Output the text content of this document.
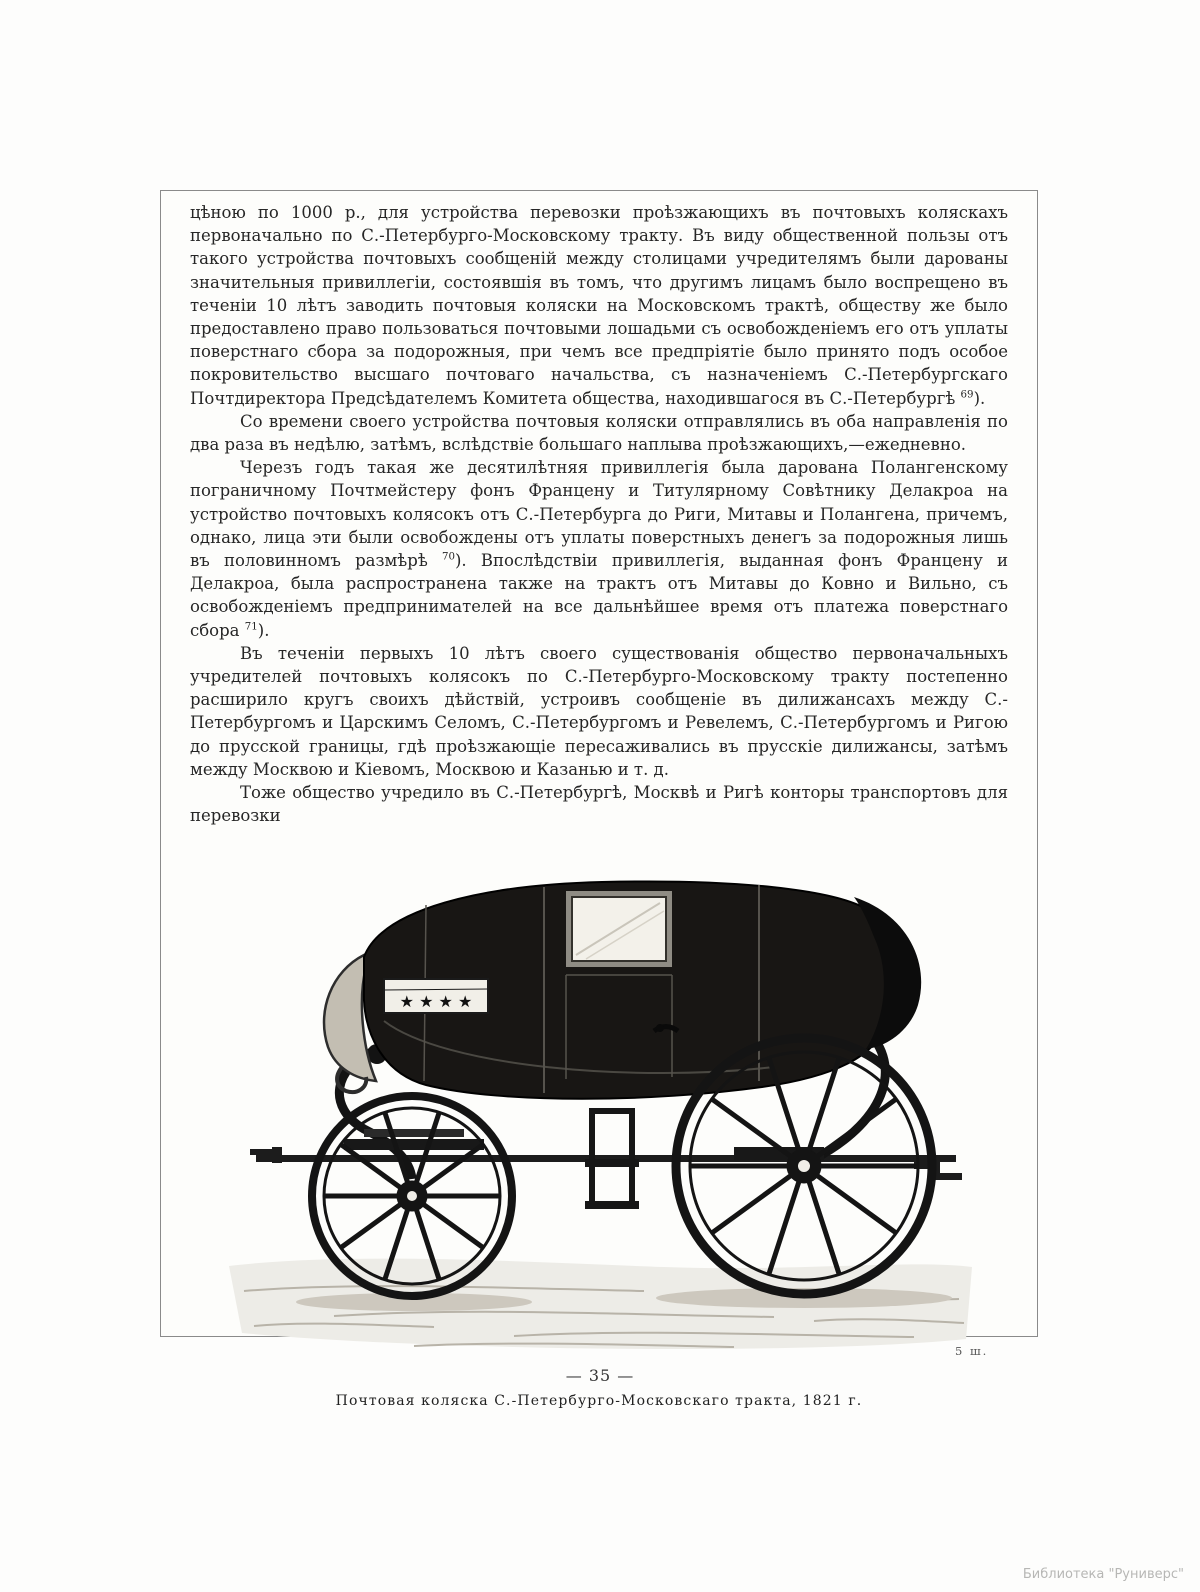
цѣною по 1000 р., для устройства перевозки проѣзжающихъ въ почтовыхъ коляскахъ первоначально по С.-Петербурго-Московскому тракту. Въ виду общественной пользы отъ такого устройства почтовыхъ сообщеній между столицами учредителямъ были дарованы значительныя привиллегіи, состоявшія въ томъ, что другимъ лицамъ было воспрещено въ теченіи 10 лѣтъ заводить почтовыя коляски на Московскомъ трактѣ, обществу же было предоставлено право пользоваться почтовыми лошадьми съ освобожденіемъ его отъ уплаты поверстнаго сбора за подорожныя, при чемъ все предпріятіе было принято подъ особое покровительство высшаго почтоваго начальства, съ назначеніемъ С.-Петербургскаго Почтдиректора Предсѣдателемъ Комитета общества, находившагося въ С.-Петербургѣ $^{69}$).

Со времени своего устройства почтовыя коляски отправлялись въ оба направленія по два раза въ недѣлю, затѣмъ, вслѣдствіе большаго наплыва проѣзжающихъ,—ежедневно.

Черезъ годъ такая же десятилѣтняя привиллегія была дарована Полангенскому пограничному Почтмейстеру фонъ Францену и Титулярному Совѣтнику Делакроа на устройство почтовыхъ колясокъ отъ С.-Петербурга до Риги, Митавы и Полангена, причемъ, однако, лица эти были освобождены отъ уплаты поверстныхъ денегъ за подорожныя лишь въ половинномъ размѣрѣ $^{70}$). Впослѣдствіи привиллегія, выданная фонъ Францену и Делакроа, была распространена также на трактъ отъ Митавы до Ковно и Вильно, съ освобожденіемъ предпринимателей на все дальнѣйшее время отъ платежа поверстнаго сбора $^{71}$).

Въ теченіи первыхъ 10 лѣтъ своего существованія общество первоначальныхъ учредителей почтовыхъ колясокъ по С.-Петербурго-Московскому тракту постепенно расширило кругъ своихъ дѣйствій, устроивъ сообщеніе въ дилижансахъ между С.-Петербургомъ и Царскимъ Селомъ, С.-Петербургомъ и Ревелемъ, С.-Петербургомъ и Ригою до прусской границы, гдѣ проѣзжающіе пересаживались въ прусскіе дилижансы, затѣмъ между Москвою и Кіевомъ, Москвою и Казанью и т. д.

Тоже общество учредило въ С.-Петербургѣ, Москвѣ и Ригѣ конторы транспортовъ для перевозки

★ ★ ★ ★
Почтовая коляска С.-Петербурго-Московскаго тракта, 1821 г.
5 ш.
— 35 —
Библиотека "Руниверс"
